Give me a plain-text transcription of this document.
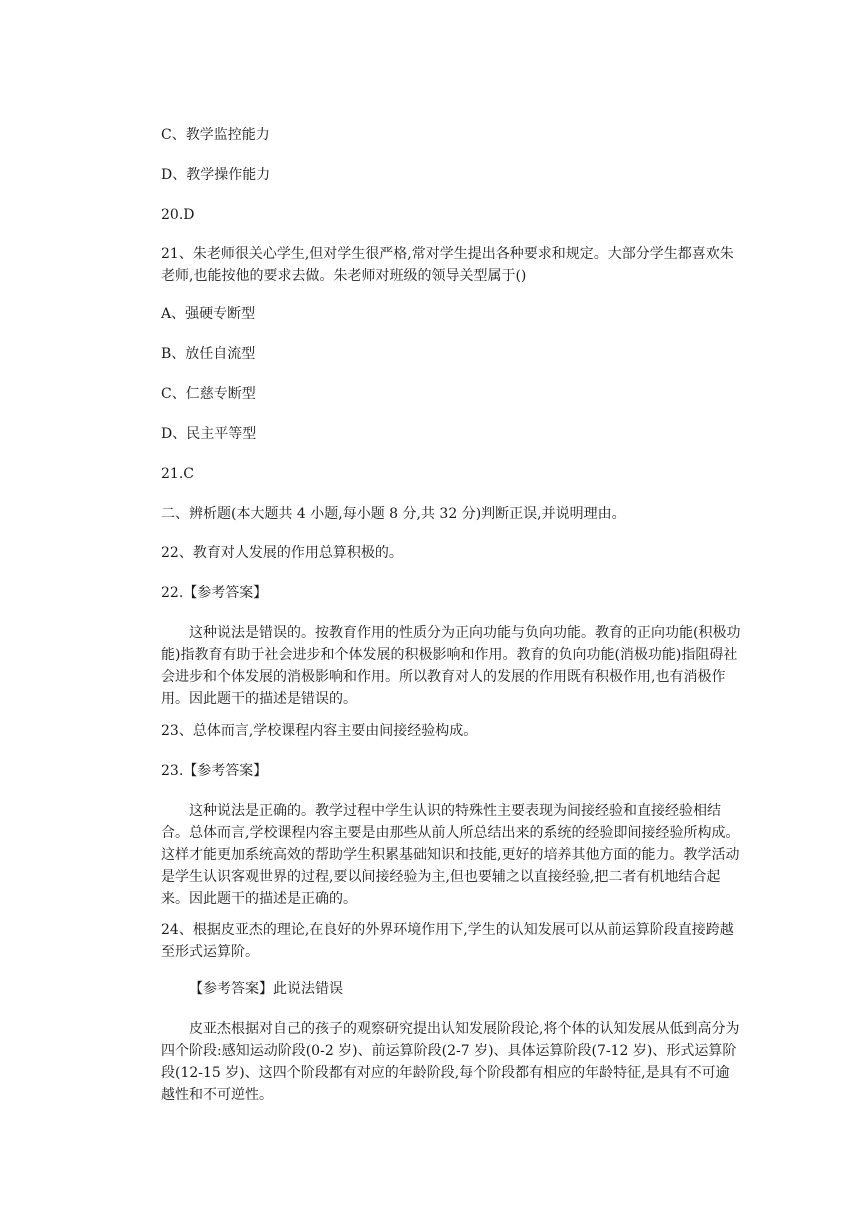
C、教学监控能力

D、教学操作能力

20.D

21、朱老师很关心学生,但对学生很严格,常对学生提出各种要求和规定。大部分学生都喜欢朱老师,也能按他的要求去做。朱老师对班级的领导关型属于()

A、强硬专断型

B、放任自流型

C、仁慈专断型

D、民主平等型

21.C

二、辨析题(本大题共 4 小题,每小题 8 分,共 32 分)判断正误,并说明理由。

22、教育对人发展的作用总算积极的。

22.【参考答案】

这种说法是错误的。按教育作用的性质分为正向功能与负向功能。教育的正向功能(积极功能)指教育有助于社会进步和个体发展的积极影响和作用。教育的负向功能(消极功能)指阻碍社会进步和个体发展的消极影响和作用。所以教育对人的发展的作用既有积极作用,也有消极作用。因此题干的描述是错误的。

23、总体而言,学校课程内容主要由间接经验构成。

23.【参考答案】

这种说法是正确的。教学过程中学生认识的特殊性主要表现为间接经验和直接经验相结合。总体而言,学校课程内容主要是由那些从前人所总结出来的系统的经验即间接经验所构成。这样才能更加系统高效的帮助学生积累基础知识和技能,更好的培养其他方面的能力。教学活动是学生认识客观世界的过程,要以间接经验为主,但也要辅之以直接经验,把二者有机地结合起来。因此题干的描述是正确的。

24、根据皮亚杰的理论,在良好的外界环境作用下,学生的认知发展可以从前运算阶段直接跨越至形式运算阶。

【参考答案】此说法错误

皮亚杰根据对自己的孩子的观察研究提出认知发展阶段论,将个体的认知发展从低到高分为四个阶段:感知运动阶段(0-2 岁)、前运算阶段(2-7 岁)、具体运算阶段(7-12 岁)、形式运算阶段(12-15 岁)、这四个阶段都有对应的年龄阶段,每个阶段都有相应的年龄特征,是具有不可逾越性和不可逆性。
